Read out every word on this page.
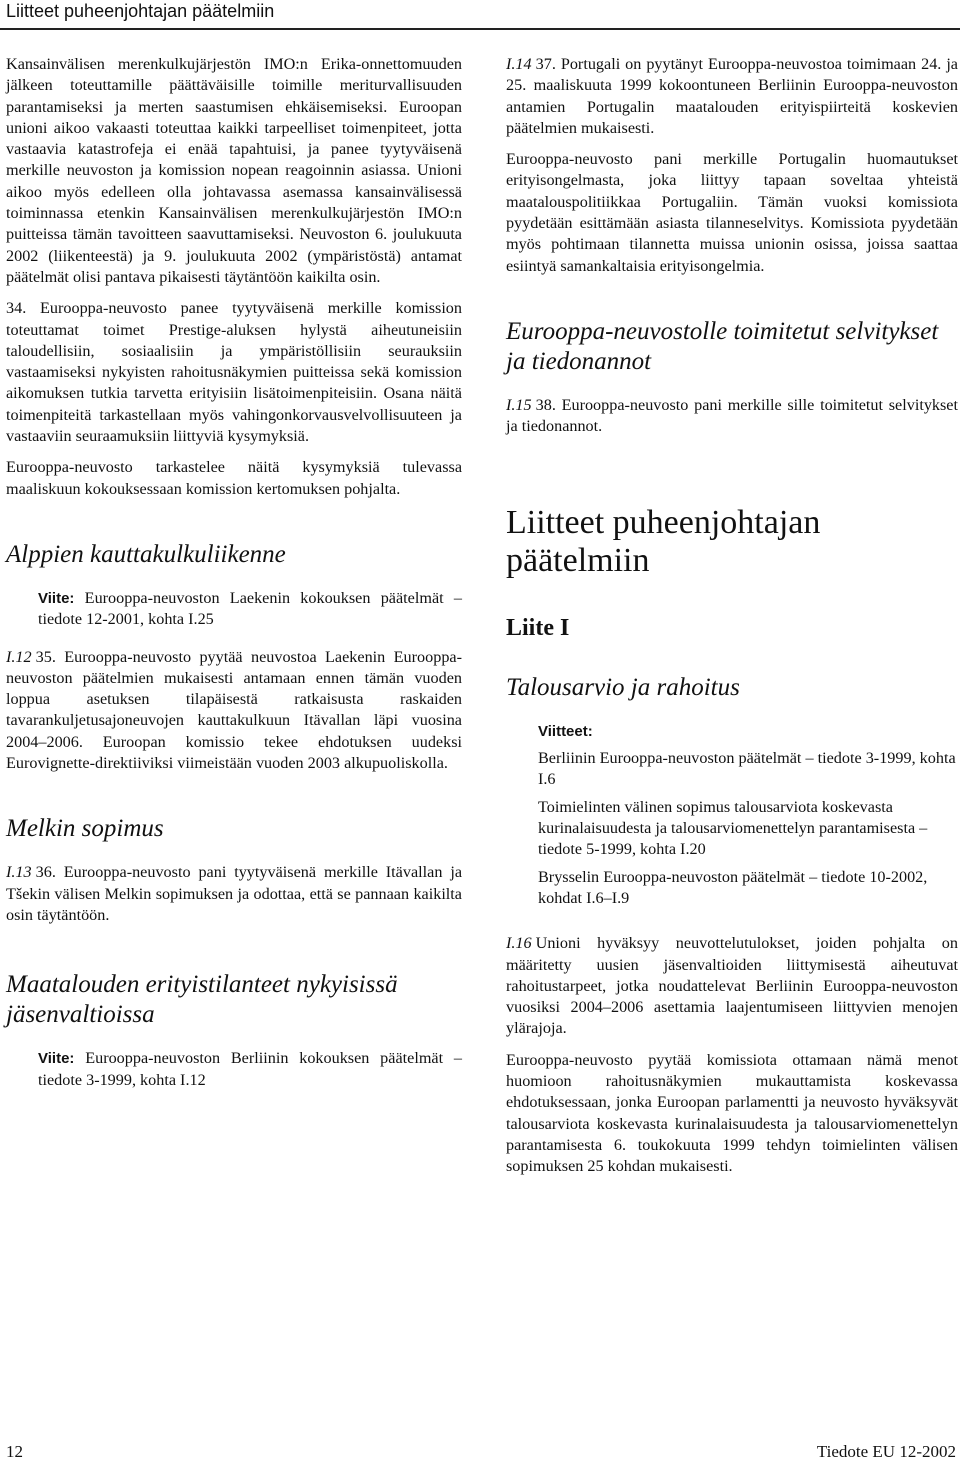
Liitteet puheenjohtajan päätelmiin

Kansainvälisen merenkulkujärjestön IMO:n Erika-onnettomuuden jälkeen toteuttamille päättäväisille toimille meriturvallisuuden parantamiseksi ja merten saastumisen ehkäisemiseksi. Euroopan unioni aikoo vakaasti toteuttaa kaikki tarpeelliset toimenpiteet, jotta vastaavia katastrofeja ei enää tapahtuisi, ja panee tyytyväisenä merkille neuvoston ja komission nopean reagoinnin asiassa. Unioni aikoo myös edelleen olla johtavassa asemassa kansainvälisessä toiminnassa etenkin Kansainvälisen merenkulkujärjestön IMO:n puitteissa tämän tavoitteen saavuttamiseksi. Neuvoston 6. joulukuuta 2002 (liikenteestä) ja 9. joulukuuta 2002 (ympäristöstä) antamat päätelmät olisi pantava pikaisesti täytäntöön kaikilta osin.

34. Eurooppa-neuvosto panee tyytyväisenä merkille komission toteuttamat toimet Prestige-aluksen hylystä aiheutuneisiin taloudellisiin, sosiaalisiin ja ympäristöllisiin seurauksiin vastaamiseksi nykyisten rahoitusnäkymien puitteissa sekä komission aikomuksen tutkia tarvetta erityisiin lisätoimenpiteisiin. Osana näitä toimenpiteitä tarkastellaan myös vahingonkorvausvelvollisuuteen ja vastaaviin seuraamuksiin liittyviä kysymyksiä.

Eurooppa-neuvosto tarkastelee näitä kysymyksiä tulevassa maaliskuun kokouksessaan komission kertomuksen pohjalta.

Alppien kauttakulkuliikenne

Viite: Eurooppa-neuvoston Laekenin kokouksen päätelmät – tiedote 12-2001, kohta I.25

I.12 35. Eurooppa-neuvosto pyytää neuvostoa Laekenin Eurooppa-neuvoston päätelmien mukaisesti antamaan ennen tämän vuoden loppua asetuksen tilapäisestä ratkaisusta raskaiden tavarankuljetusajoneuvojen kauttakulkuun Itävallan läpi vuosina 2004–2006. Euroopan komissio tekee ehdotuksen uudeksi Eurovignette-direktiiviksi viimeistään vuoden 2003 alkupuoliskolla.

Melkin sopimus

I.13 36. Eurooppa-neuvosto pani tyytyväisenä merkille Itävallan ja Tšekin välisen Melkin sopimuksen ja odottaa, että se pannaan kaikilta osin täytäntöön.

Maatalouden erityistilanteet nykyisissä jäsenvaltioissa

Viite: Eurooppa-neuvoston Berliinin kokouksen päätelmät – tiedote 3-1999, kohta I.12

I.14 37. Portugali on pyytänyt Eurooppa-neuvostoa toimimaan 24. ja 25. maaliskuuta 1999 kokoontuneen Berliinin Eurooppa-neuvoston antamien Portugalin maatalouden erityispiirteitä koskevien päätelmien mukaisesti.

Eurooppa-neuvosto pani merkille Portugalin huomautukset erityisongelmasta, joka liittyy tapaan soveltaa yhteistä maatalouspolitiikkaa Portugaliin. Tämän vuoksi komissiota pyydetään esittämään asiasta tilanneselvitys. Komissiota pyydetään myös pohtimaan tilannetta muissa unionin osissa, joissa saattaa esiintyä samankaltaisia erityisongelmia.

Eurooppa-neuvostolle toimitetut selvitykset ja tiedonannot

I.15 38. Eurooppa-neuvosto pani merkille sille toimitetut selvitykset ja tiedonannot.

Liitteet puheenjohtajan päätelmiin
Liite I
Talousarvio ja rahoitus
Viitteet:
Berliinin Eurooppa-neuvoston päätelmät – tiedote 3-1999, kohta I.6
Toimielinten välinen sopimus talousarviota koskevasta kurinalaisuudesta ja talousarviomenettelyn parantamisesta – tiedote 5-1999, kohta I.20
Brysselin Eurooppa-neuvoston päätelmät – tiedote 10-2002, kohdat I.6–I.9

I.16 Unioni hyväksyy neuvottelutulokset, joiden pohjalta on määritetty uusien jäsenvaltioiden liittymisestä aiheutuvat rahoitustarpeet, jotka noudattelevat Berliinin Eurooppa-neuvoston vuosiksi 2004–2006 asettamia laajentumiseen liittyvien menojen ylärajoja.

Eurooppa-neuvosto pyytää komissiota ottamaan nämä menot huomioon rahoitusnäkymien mukauttamista koskevassa ehdotuksessaan, jonka Euroopan parlamentti ja neuvosto hyväksyvät talousarviota koskevasta kurinalaisuudesta ja talousarviomenettelyn parantamisesta 6. toukokuuta 1999 tehdyn toimielinten välisen sopimuksen 25 kohdan mukaisesti.

12	Tiedote EU 12-2002
